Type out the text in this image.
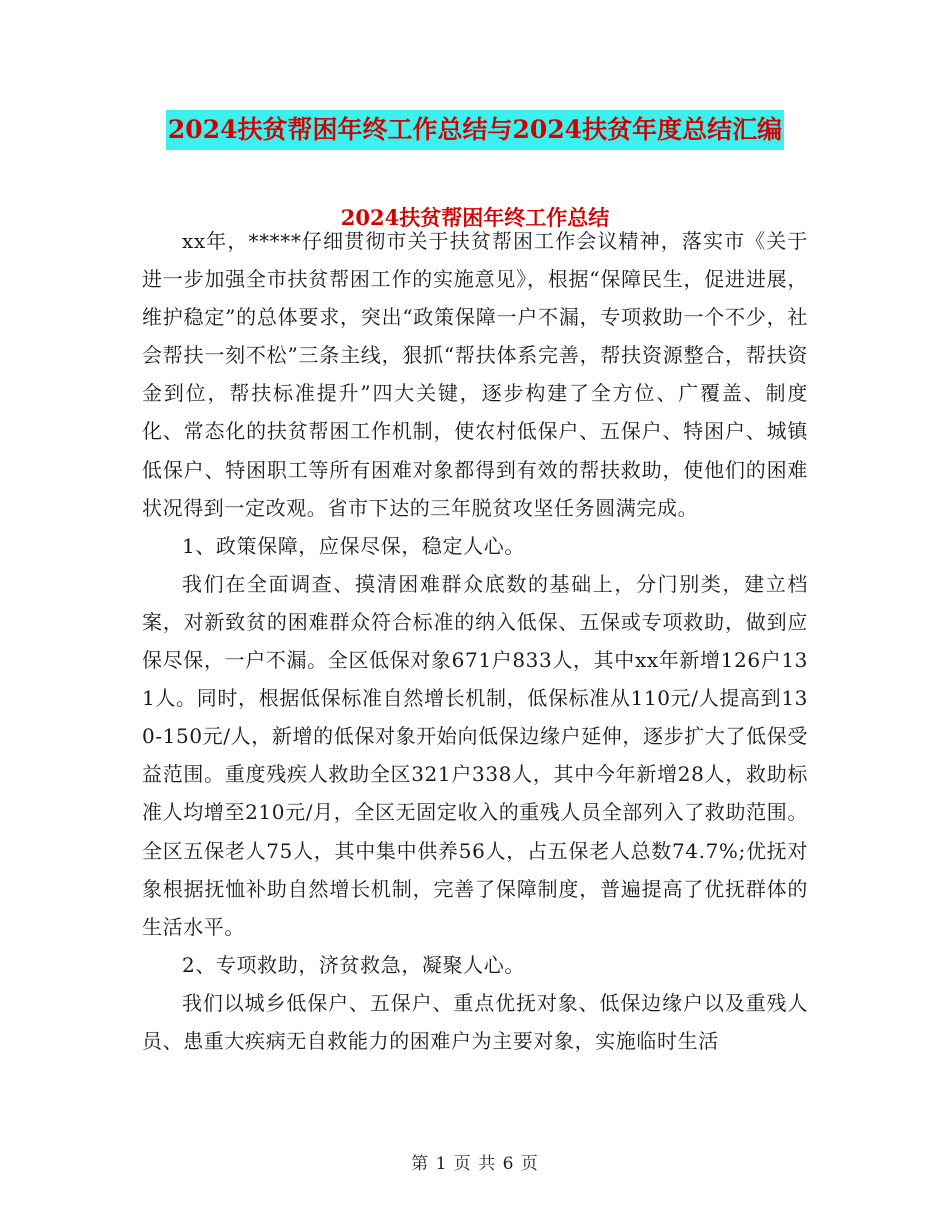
2024扶贫帮困年终工作总结与2024扶贫年度总结汇编
2024扶贫帮困年终工作总结

xx年，*****仔细贯彻市关于扶贫帮困工作会议精神，落实市《关于进一步加强全市扶贫帮困工作的实施意见》，根据“保障民生，促进进展，维护稳定”的总体要求，突出“政策保障一户不漏，专项救助一个不少，社会帮扶一刻不松”三条主线，狠抓“帮扶体系完善，帮扶资源整合，帮扶资金到位，帮扶标准提升”四大关键，逐步构建了全方位、广覆盖、制度化、常态化的扶贫帮困工作机制，使农村低保户、五保户、特困户、城镇低保户、特困职工等所有困难对象都得到有效的帮扶救助，使他们的困难状况得到一定改观。省市下达的三年脱贫攻坚任务圆满完成。

1、政策保障，应保尽保，稳定人心。

我们在全面调查、摸清困难群众底数的基础上，分门别类，建立档案，对新致贫的困难群众符合标准的纳入低保、五保或专项救助，做到应保尽保，一户不漏。全区低保对象671户833人，其中xx年新增126户131人。同时，根据低保标准自然增长机制，低保标准从110元/人提高到130-150元/人，新增的低保对象开始向低保边缘户延伸，逐步扩大了低保受益范围。重度残疾人救助全区321户338人，其中今年新增28人，救助标准人均增至210元/月，全区无固定收入的重残人员全部列入了救助范围。全区五保老人75人，其中集中供养56人，占五保老人总数74.7%;优抚对象根据抚恤补助自然增长机制，完善了保障制度，普遍提高了优抚群体的生活水平。

2、专项救助，济贫救急，凝聚人心。

我们以城乡低保户、五保户、重点优抚对象、低保边缘户以及重残人员、患重大疾病无自救能力的困难户为主要对象，实施临时生活

第 1 页 共 6 页
